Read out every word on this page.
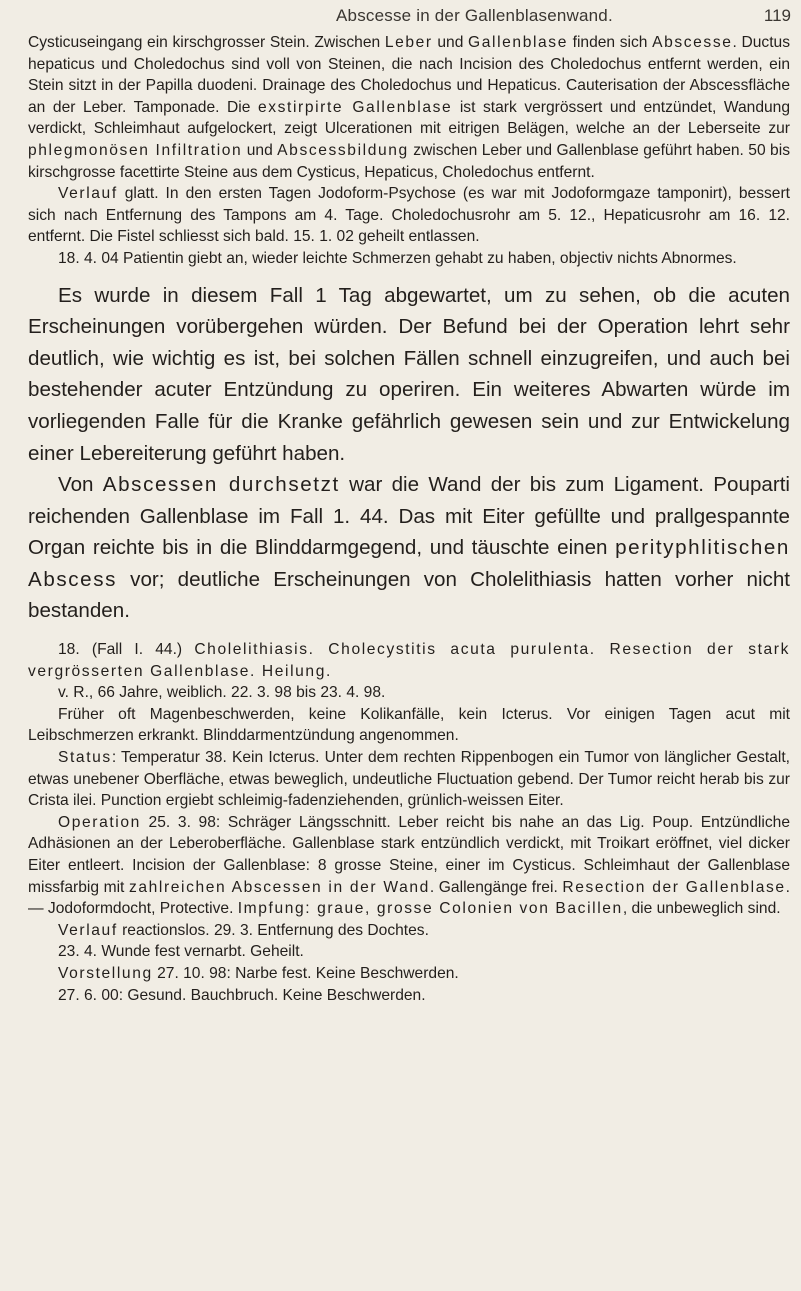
Abscesse in der Gallenblasenwand.	119

Cysticuseingang ein kirschgrosser Stein. Zwischen Leber und Gallenblase finden sich Abscesse. Ductus hepaticus und Choledochus sind voll von Steinen, die nach Incision des Choledochus entfernt werden, ein Stein sitzt in der Papilla duodeni. Drainage des Choledochus und Hepaticus. Cauterisation der Abscessfläche an der Leber. Tamponade. Die exstirpirte Gallenblase ist stark vergrössert und entzündet, Wandung verdickt, Schleimhaut aufgelockert, zeigt Ulcerationen mit eitrigen Belägen, welche an der Leberseite zur phlegmonösen Infiltration und Abscessbildung zwischen Leber und Gallenblase geführt haben. 50 bis kirschgrosse facettirte Steine aus dem Cysticus, Hepaticus, Choledochus entfernt.

Verlauf glatt. In den ersten Tagen Jodoform-Psychose (es war mit Jodoformgaze tamponirt), bessert sich nach Entfernung des Tampons am 4. Tage. Choledochusrohr am 5. 12., Hepaticusrohr am 16. 12. entfernt. Die Fistel schliesst sich bald. 15. 1. 02 geheilt entlassen.

18. 4. 04 Patientin giebt an, wieder leichte Schmerzen gehabt zu haben, objectiv nichts Abnormes.

Es wurde in diesem Fall 1 Tag abgewartet, um zu sehen, ob die acuten Erscheinungen vorübergehen würden. Der Befund bei der Operation lehrt sehr deutlich, wie wichtig es ist, bei solchen Fällen schnell einzugreifen, und auch bei bestehender acuter Entzündung zu operiren. Ein weiteres Abwarten würde im vorliegenden Falle für die Kranke gefährlich gewesen sein und zur Entwickelung einer Lebereiterung geführt haben.

Von Abscessen durchsetzt war die Wand der bis zum Ligament. Pouparti reichenden Gallenblase im Fall 1. 44. Das mit Eiter gefüllte und prallgespannte Organ reichte bis in die Blinddarmgegend, und täuschte einen perityphlitischen Abscess vor; deutliche Erscheinungen von Cholelithiasis hatten vorher nicht bestanden.

18. (Fall I. 44.) Cholelithiasis. Cholecystitis acuta purulenta. Resection der stark vergrösserten Gallenblase. Heilung.

v. R., 66 Jahre, weiblich. 22. 3. 98 bis 23. 4. 98.

Früher oft Magenbeschwerden, keine Kolikanfälle, kein Icterus. Vor einigen Tagen acut mit Leibschmerzen erkrankt. Blinddarmentzündung angenommen.

Status: Temperatur 38. Kein Icterus. Unter dem rechten Rippenbogen ein Tumor von länglicher Gestalt, etwas unebener Oberfläche, etwas beweglich, undeutliche Fluctuation gebend. Der Tumor reicht herab bis zur Crista ilei. Punction ergiebt schleimig-fadenziehenden, grünlich-weissen Eiter.

Operation 25. 3. 98: Schräger Längsschnitt. Leber reicht bis nahe an das Lig. Poup. Entzündliche Adhäsionen an der Leberoberfläche. Gallenblase stark entzündlich verdickt, mit Troikart eröffnet, viel dicker Eiter entleert. Incision der Gallenblase: 8 grosse Steine, einer im Cysticus. Schleimhaut der Gallenblase missfarbig mit zahlreichen Abscessen in der Wand. Gallengänge frei. Resection der Gallenblase. — Jodoformdocht, Protective. Impfung: graue, grosse Colonien von Bacillen, die unbeweglich sind.

Verlauf reactionslos. 29. 3. Entfernung des Dochtes.

23. 4. Wunde fest vernarbt. Geheilt.

Vorstellung 27. 10. 98: Narbe fest. Keine Beschwerden.

27. 6. 00: Gesund. Bauchbruch. Keine Beschwerden.
